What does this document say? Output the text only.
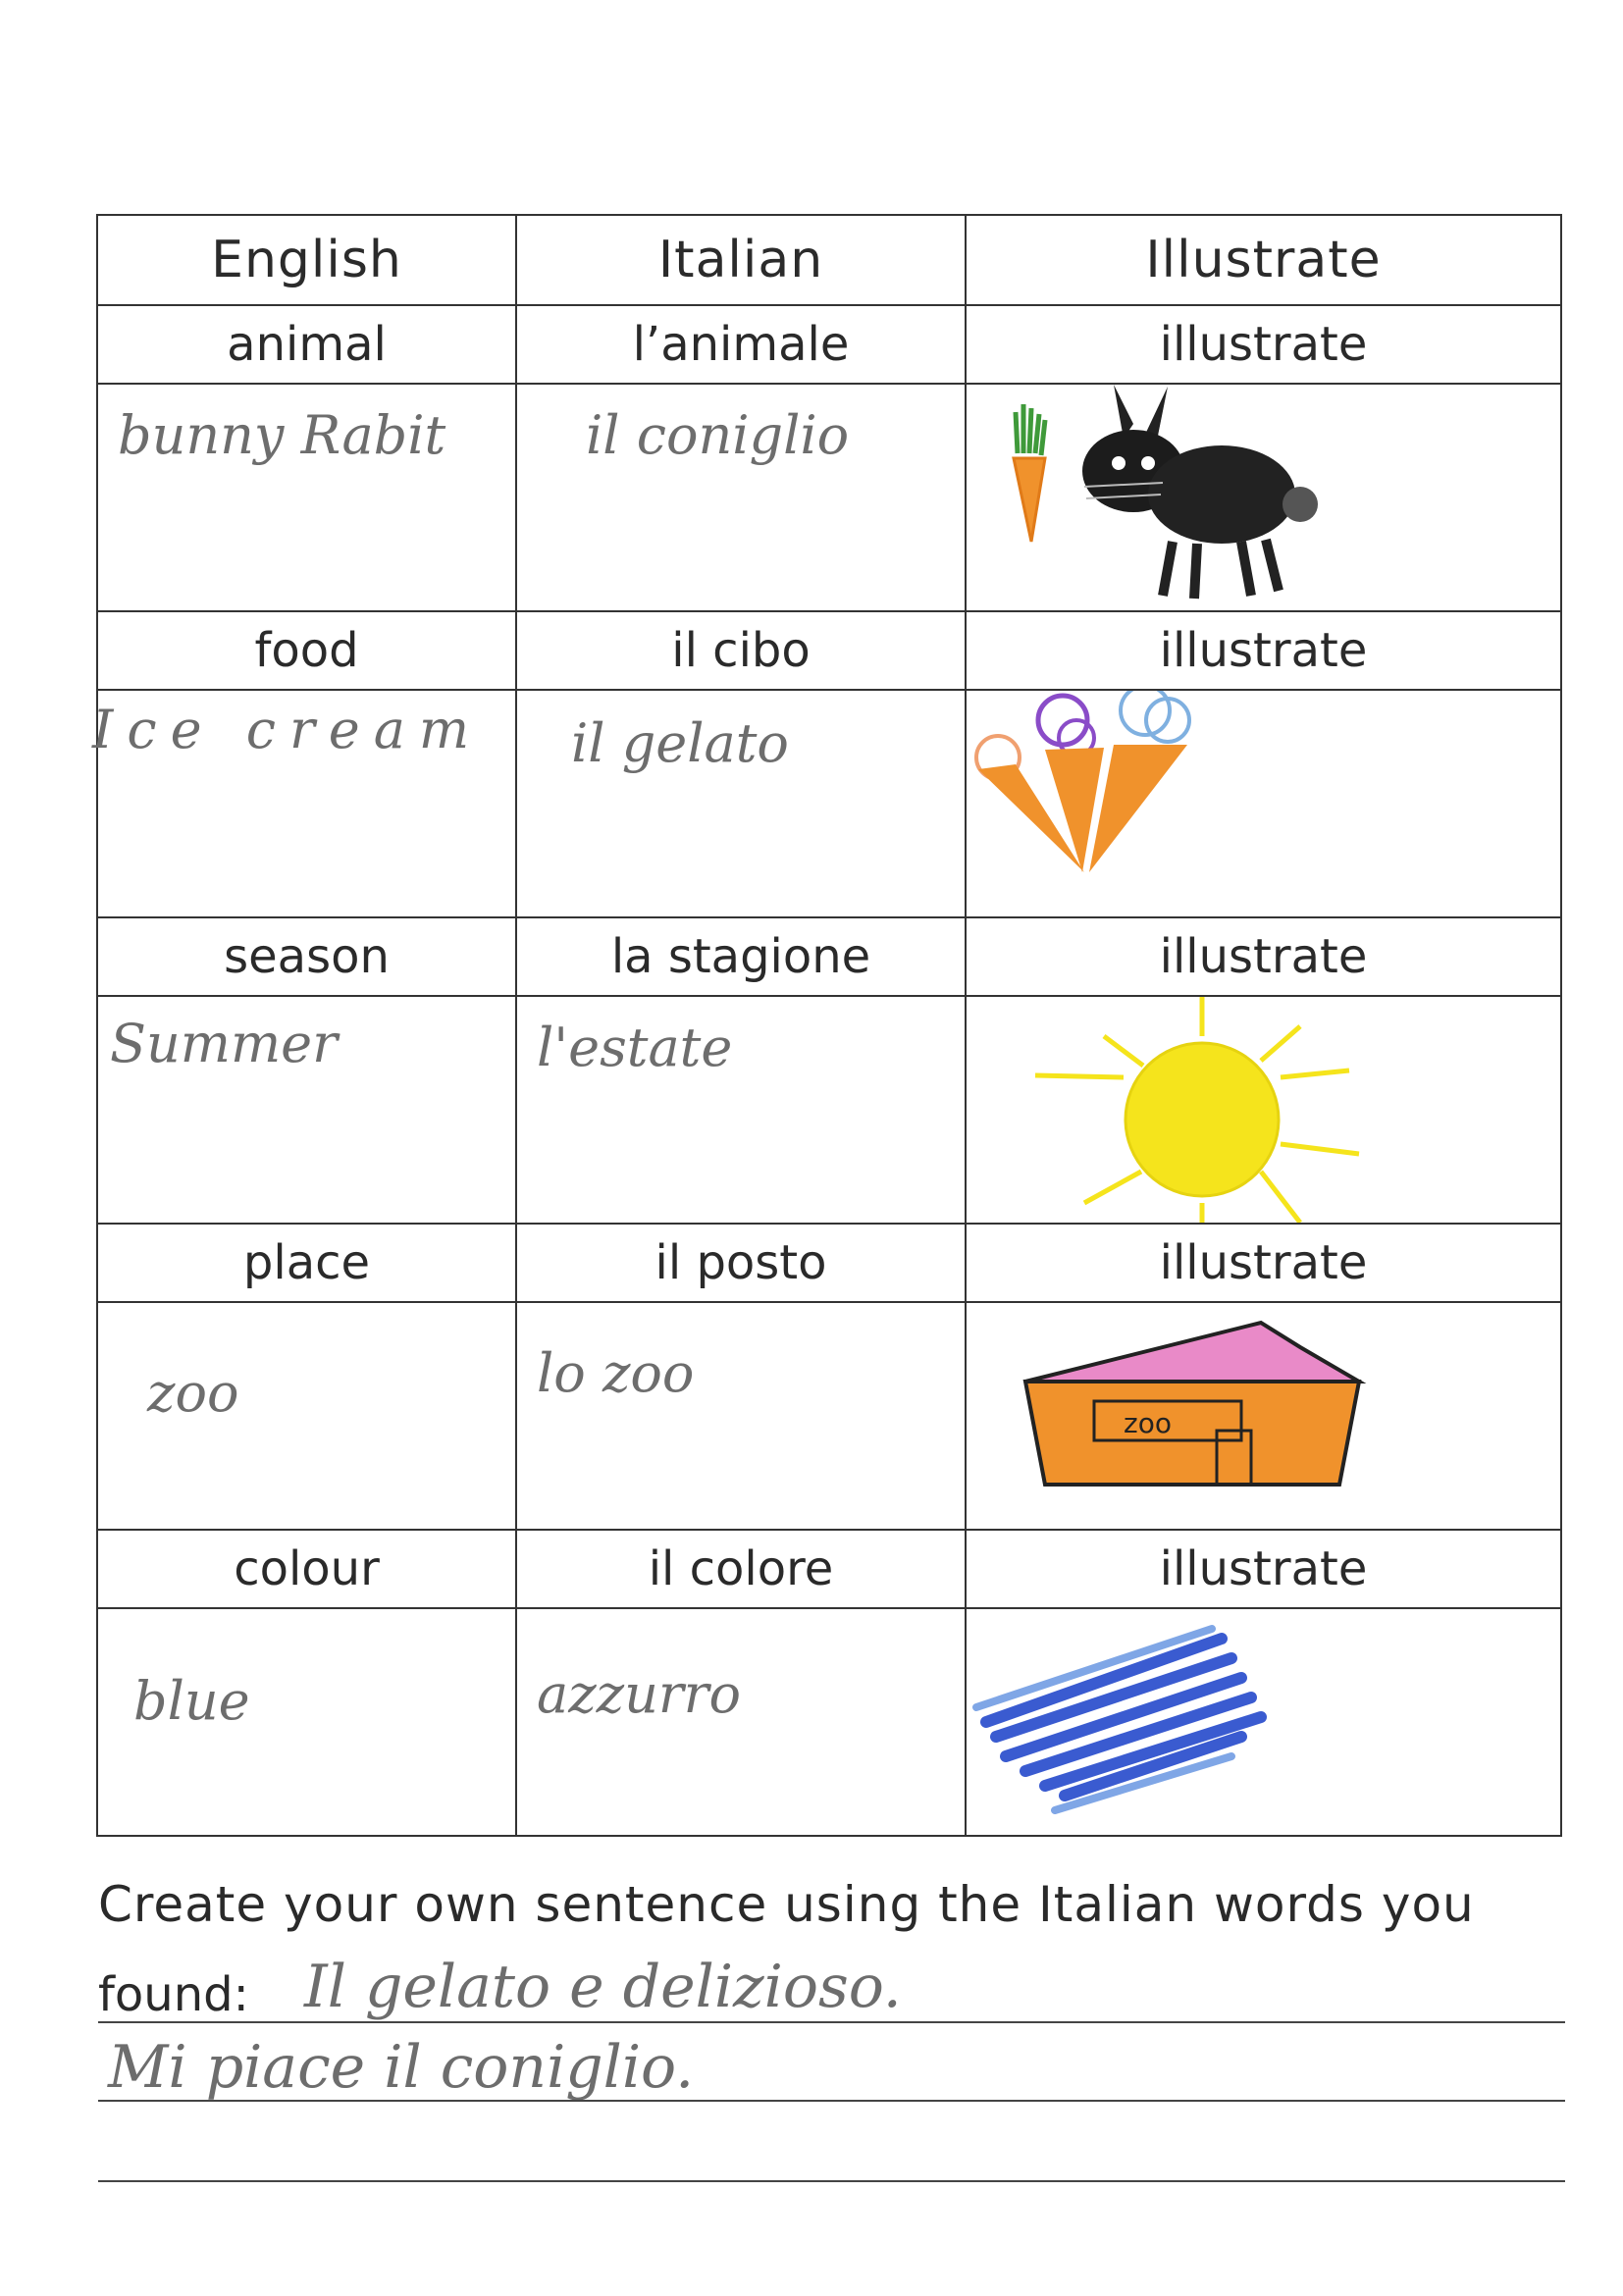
English	Italian	Illustrate
animal	l’animale	illustrate

bunny Rabit	il coniglio

food	il cibo	illustrate

Ice cream	il gelato

season	la stagione	illustrate

Summer	l'estate

place	il posto	illustrate

zoo	lo zoo	zoo

colour	il colore	illustrate

blue	azzurro

Create your own sentence using the Italian words you
found: Il gelato e delizioso.
Mi piace il coniglio.
